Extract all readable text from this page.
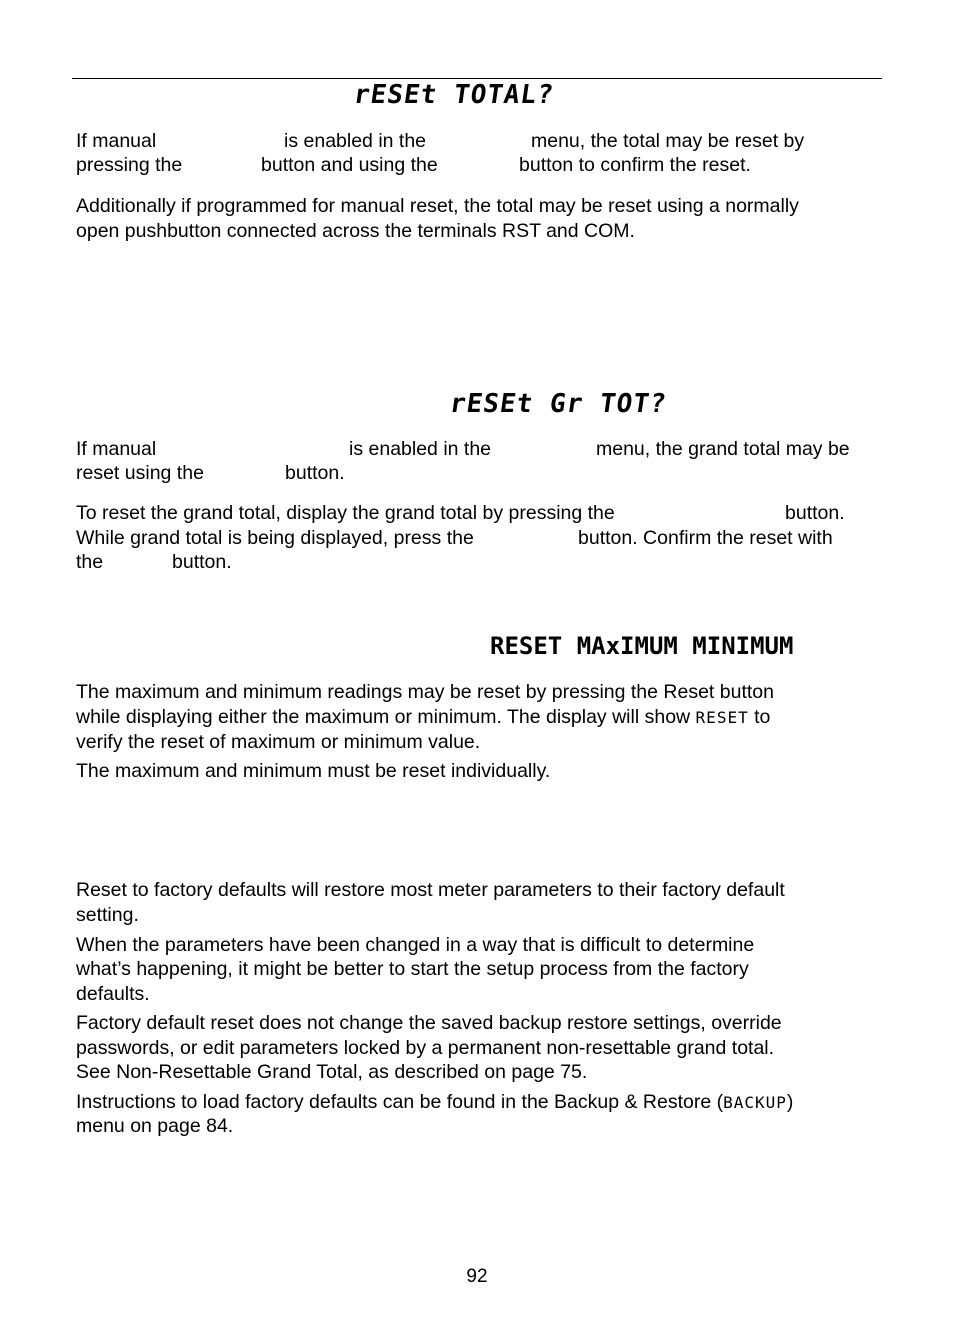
rESEt TOTAL?
If manual	is enabled in the	menu, the total may be reset by
pressing the	button and using the	button to confirm the reset.
Additionally if programmed for manual reset, the total may be reset using a normally
open pushbutton connected across the terminals RST and COM.
rESEt Gr TOT?
If manual	is enabled in the	menu, the grand total may be
reset using the	button.
To reset the grand total, display the grand total by pressing the	button.
While grand total is being displayed, press the	button. Confirm the reset with
the	button.
RESET MAxIMUM MINIMUM
The maximum and minimum readings may be reset by pressing the Reset button
while displaying either the maximum or minimum. The display will show RESET to
verify the reset of maximum or minimum value.
The maximum and minimum must be reset individually.
Reset to factory defaults will restore most meter parameters to their factory default
setting.
When the parameters have been changed in a way that is difficult to determine
what’s happening, it might be better to start the setup process from the factory
defaults.
Factory default reset does not change the saved backup restore settings, override
passwords, or edit parameters locked by a permanent non-resettable grand total.
See Non-Resettable Grand Total, as described on page 75.
Instructions to load factory defaults can be found in the Backup & Restore (BACKUP)
menu on page 84.
92
